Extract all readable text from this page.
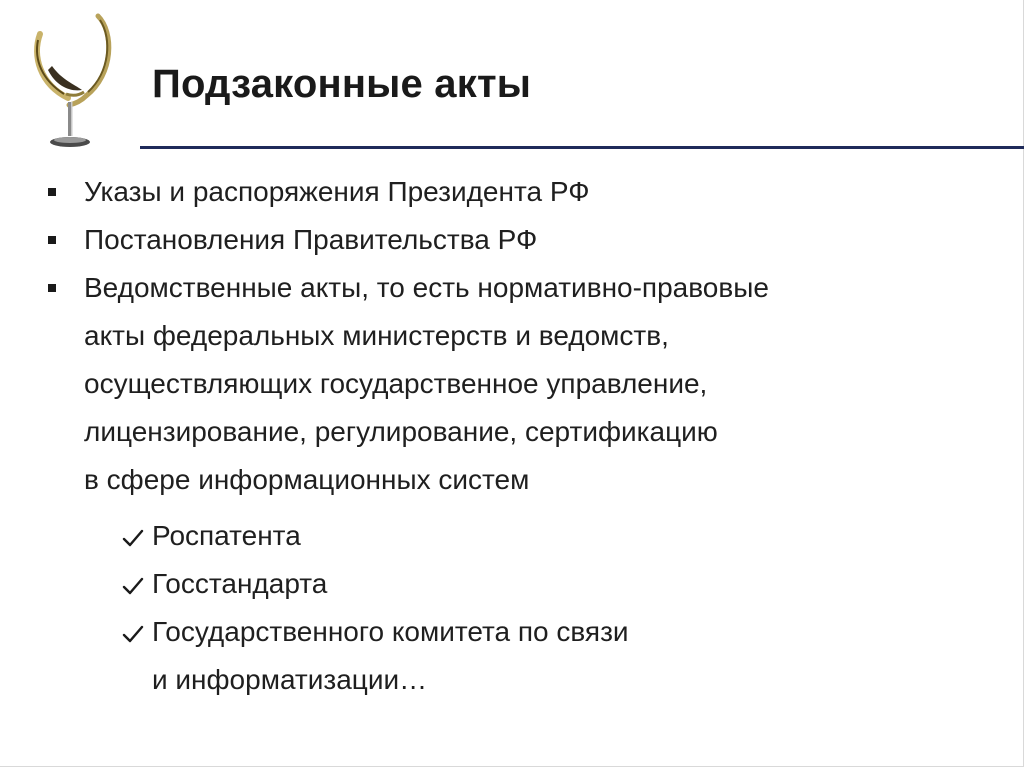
Подзаконные акты
Указы и распоряжения Президента РФ
Постановления Правительства РФ
Ведомственные акты, то есть нормативно-правовые
акты федеральных министерств и ведомств,
осуществляющих государственное управление,
лицензирование, регулирование, сертификацию
в сфере информационных систем
Роспатента
Госстандарта
Государственного комитета по связи
и информатизации…
